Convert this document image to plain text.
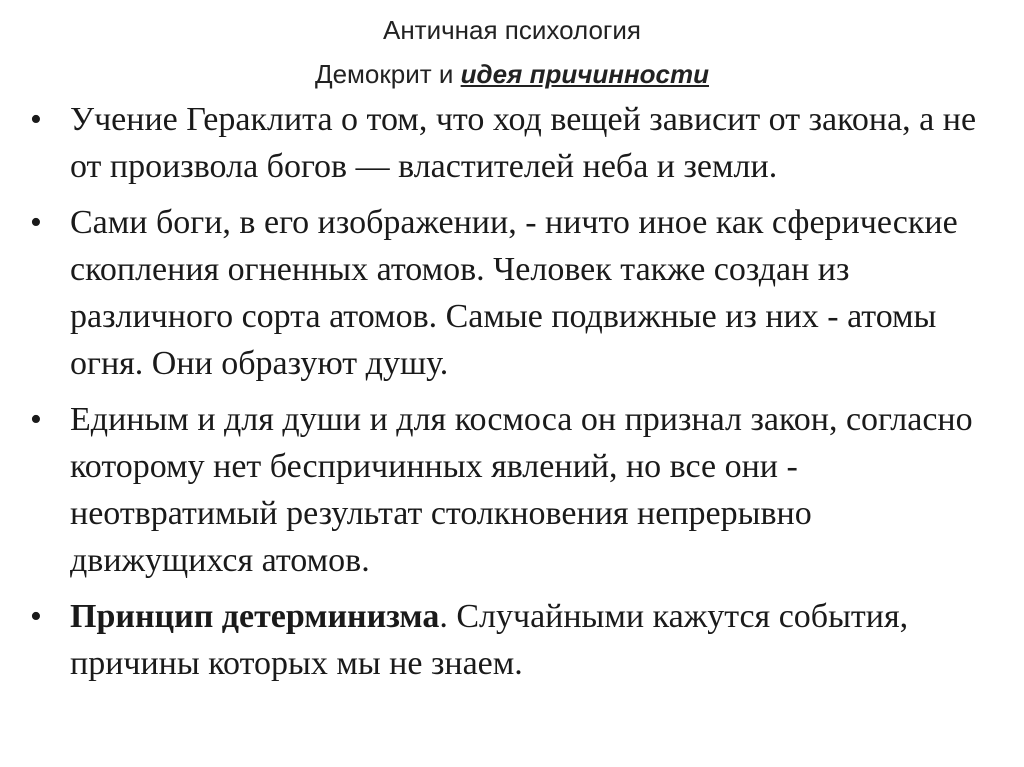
Античная психология
Демокрит и идея причинности
• Учение Гераклита о том, что ход вещей зависит от закона, а не от произвола богов — властителей неба и земли.
• Сами боги, в его изображении, - ничто иное как сферические скопления огненных атомов. Человек также создан из различного сорта атомов. Самые подвижные из них - атомы огня. Они образуют душу.
• Единым и для души и для космоса он признал закон, согласно которому нет беспричинных явлений, но все они - неотвратимый результат столкновения непрерывно движущихся атомов.
• Принцип детерминизма. Случайными кажутся события, причины которых мы не знаем.
